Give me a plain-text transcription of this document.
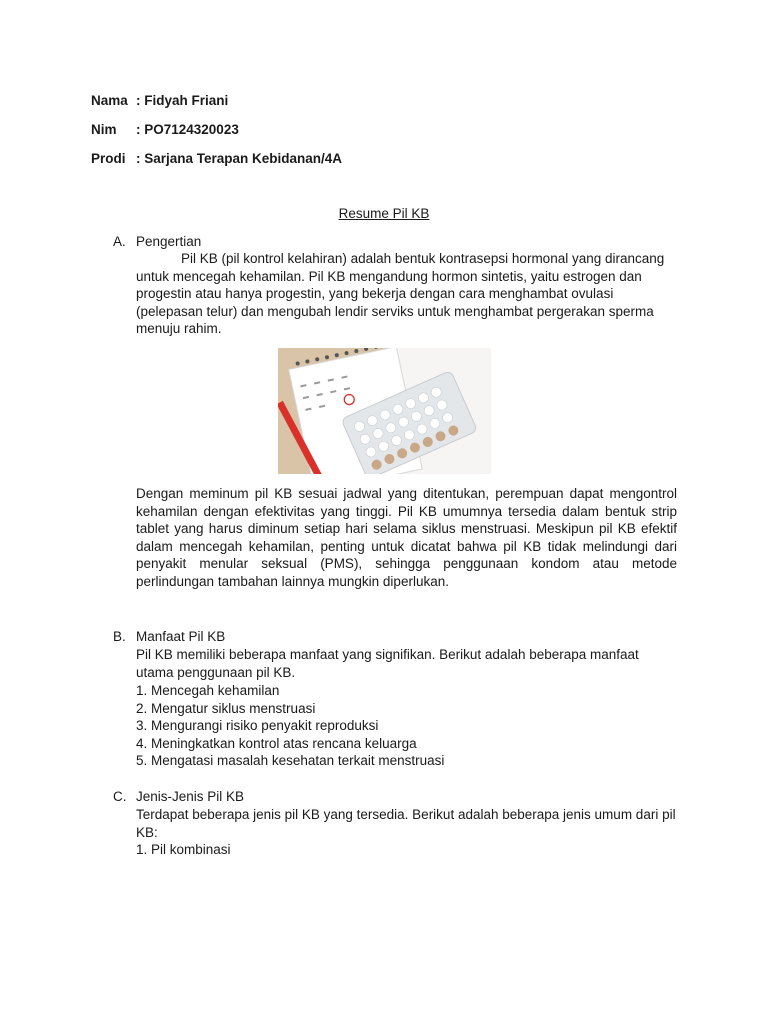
Nama : Fidyah Friani
Nim : PO7124320023
Prodi : Sarjana Terapan Kebidanan/4A
Resume Pil KB
A. Pengertian
Pil KB (pil kontrol kelahiran) adalah bentuk kontrasepsi hormonal yang dirancang untuk mencegah kehamilan. Pil KB mengandung hormon sintetis, yaitu estrogen dan progestin atau hanya progestin, yang bekerja dengan cara menghambat ovulasi (pelepasan telur) dan mengubah lendir serviks untuk menghambat pergerakan sperma menuju rahim.
Dengan meminum pil KB sesuai jadwal yang ditentukan, perempuan dapat mengontrol kehamilan dengan efektivitas yang tinggi. Pil KB umumnya tersedia dalam bentuk strip tablet yang harus diminum setiap hari selama siklus menstruasi. Meskipun pil KB efektif dalam mencegah kehamilan, penting untuk dicatat bahwa pil KB tidak melindungi dari penyakit menular seksual (PMS), sehingga penggunaan kondom atau metode perlindungan tambahan lainnya mungkin diperlukan.
B. Manfaat Pil KB
Pil KB memiliki beberapa manfaat yang signifikan. Berikut adalah beberapa manfaat utama penggunaan pil KB.
1. Mencegah kehamilan
2. Mengatur siklus menstruasi
3. Mengurangi risiko penyakit reproduksi
4. Meningkatkan kontrol atas rencana keluarga
5. Mengatasi masalah kesehatan terkait menstruasi
C. Jenis-Jenis Pil KB
Terdapat beberapa jenis pil KB yang tersedia. Berikut adalah beberapa jenis umum dari pil KB:
1. Pil kombinasi
